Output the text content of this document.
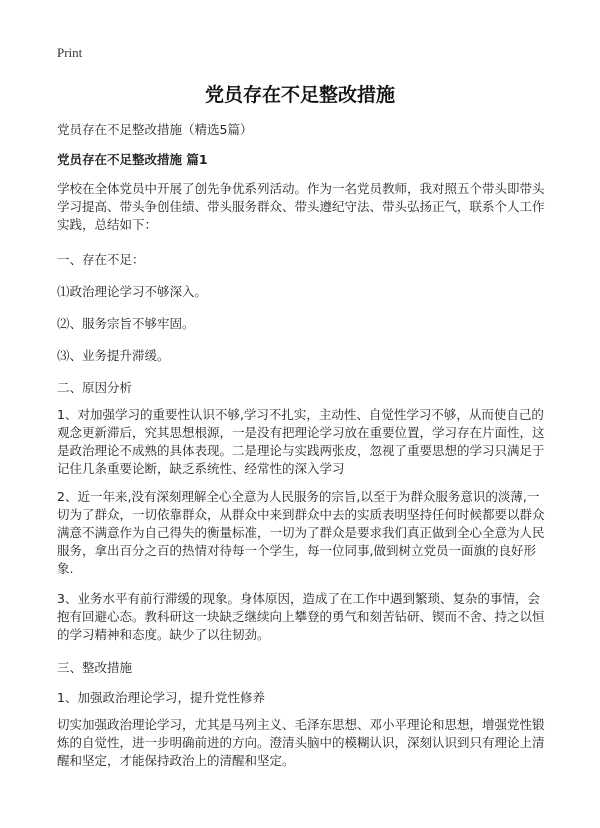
Print
党员存在不足整改措施
党员存在不足整改措施（精选5篇）
党员存在不足整改措施 篇1

学校在全体党员中开展了创先争优系列活动。作为一名党员教师，我对照五个带头即带头学习提高、带头争创佳绩、带头服务群众、带头遵纪守法、带头弘扬正气，联系个人工作实践，总结如下：

一、存在不足：
⑴政治理论学习不够深入。
⑵、服务宗旨不够牢固。
⑶、业务提升滞缓。
二、原因分析

1、对加强学习的重要性认识不够,学习不扎实，主动性、自觉性学习不够，从而使自己的观念更新滞后，究其思想根源，一是没有把理论学习放在重要位置，学习存在片面性，这是政治理论不成熟的具体表现。二是理论与实践两张皮，忽视了重要思想的学习只满足于记住几条重要论断，缺乏系统性、经常性的深入学习

2、近一年来,没有深刻理解全心全意为人民服务的宗旨,以至于为群众服务意识的淡薄,一切为了群众，一切依靠群众，从群众中来到群众中去的实质表明坚持任何时候都要以群众满意不满意作为自己得失的衡量标准，一切为了群众是要求我们真正做到全心全意为人民服务，拿出百分之百的热情对待每一个学生，每一位同事,做到树立党员一面旗的良好形象.

3、业务水平有前行滞缓的现象。身体原因，造成了在工作中遇到繁琐、复杂的事情，会抱有回避心态。教科研这一块缺乏继续向上攀登的勇气和刻苦钻研、锲而不舍、持之以恒的学习精神和态度。缺少了以往韧劲。

三、整改措施
1、加强政治理论学习，提升党性修养

切实加强政治理论学习，尤其是马列主义、毛泽东思想、邓小平理论和思想，增强党性锻炼的自觉性，进一步明确前进的方向。澄清头脑中的模糊认识，深刻认识到只有理论上清醒和坚定，才能保持政治上的清醒和坚定。
